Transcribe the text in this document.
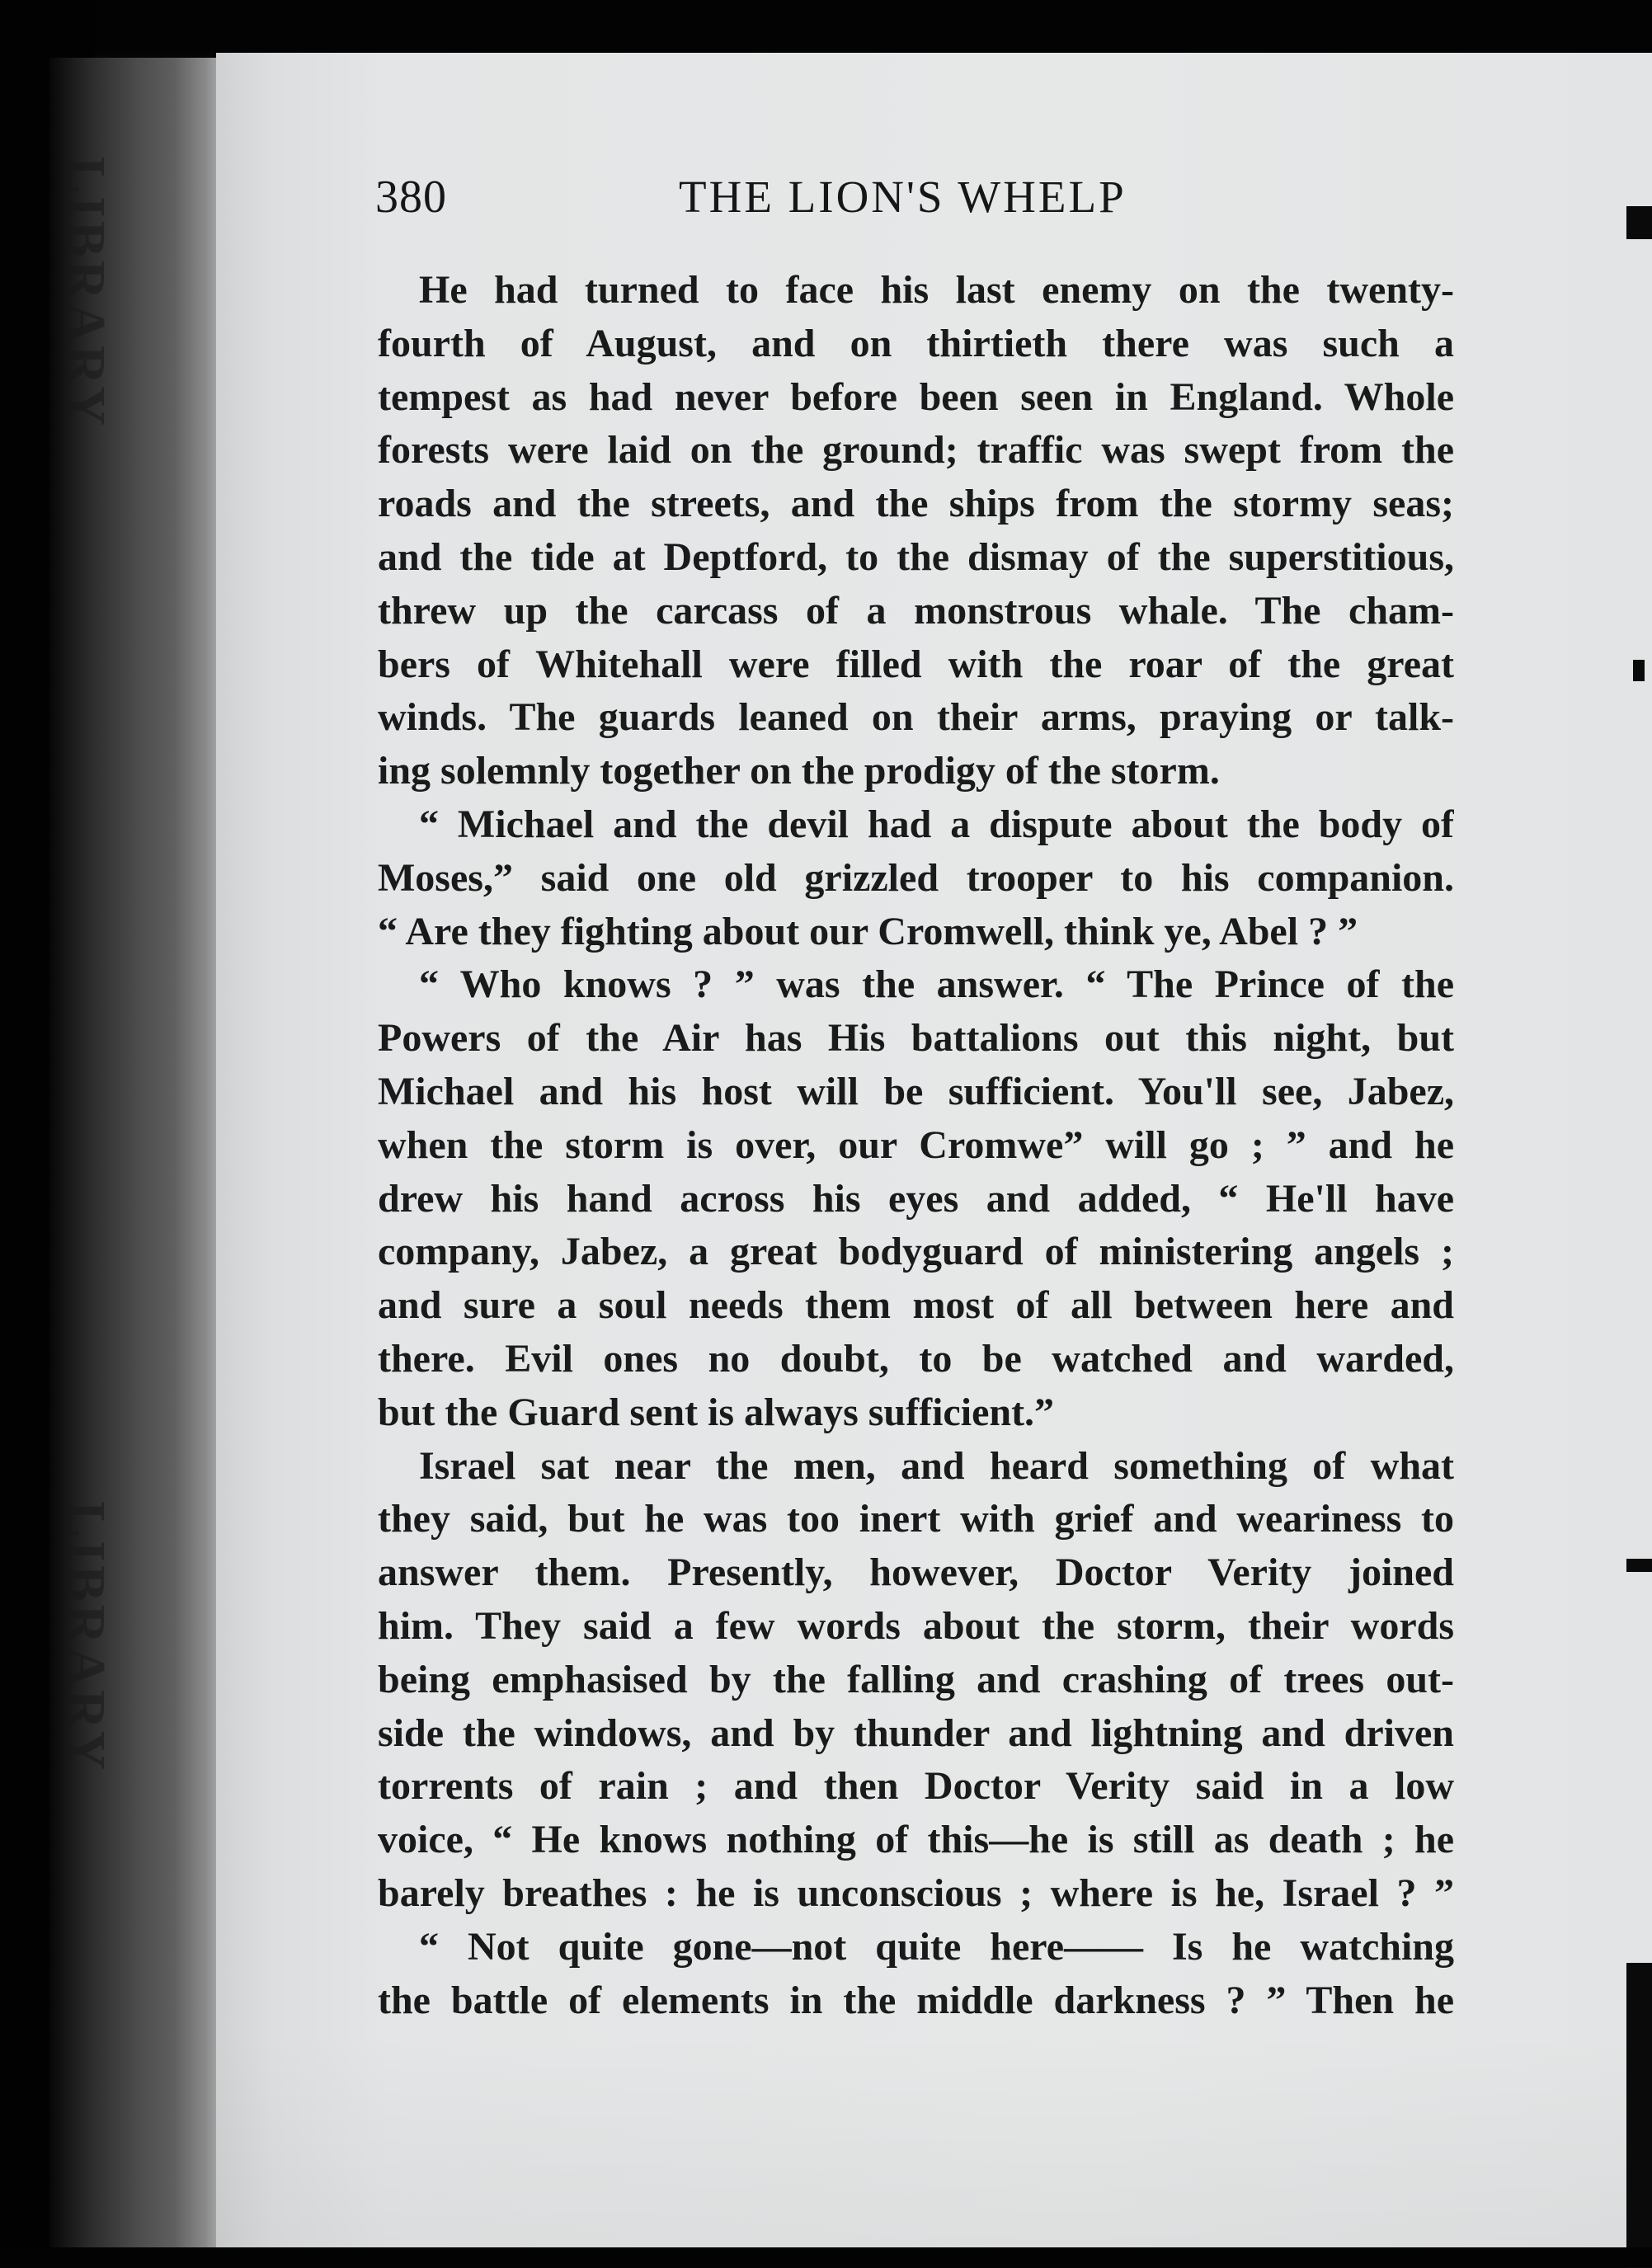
LIBRARY
LIBRARY
380	THE LION'S WHELP
He had turned to face his last enemy on the twenty-
fourth of August, and on thirtieth there was such a
tempest as had never before been seen in England. Whole
forests were laid on the ground; traffic was swept from the
roads and the streets, and the ships from the stormy seas;
and the tide at Deptford, to the dismay of the superstitious,
threw up the carcass of a monstrous whale. The cham-
bers of Whitehall were filled with the roar of the great
winds. The guards leaned on their arms, praying or talk-
ing solemnly together on the prodigy of the storm.
“ Michael and the devil had a dispute about the body of
Moses,” said one old grizzled trooper to his companion.
“ Are they fighting about our Cromwell, think ye, Abel ? ”
“ Who knows ? ” was the answer. “ The Prince of the
Powers of the Air has His battalions out this night, but
Michael and his host will be sufficient. You'll see, Jabez,
when the storm is over, our Cromwe” will go ; ” and he
drew his hand across his eyes and added, “ He'll have
company, Jabez, a great bodyguard of ministering angels ;
and sure a soul needs them most of all between here and
there. Evil ones no doubt, to be watched and warded,
but the Guard sent is always sufficient.”
Israel sat near the men, and heard something of what
they said, but he was too inert with grief and weariness to
answer them. Presently, however, Doctor Verity joined
him. They said a few words about the storm, their words
being emphasised by the falling and crashing of trees out-
side the windows, and by thunder and lightning and driven
torrents of rain ; and then Doctor Verity said in a low
voice, “ He knows nothing of this—he is still as death ; he
barely breathes : he is unconscious ; where is he, Israel ? ”
“ Not quite gone—not quite here—— Is he watching
the battle of elements in the middle darkness ? ” Then he
